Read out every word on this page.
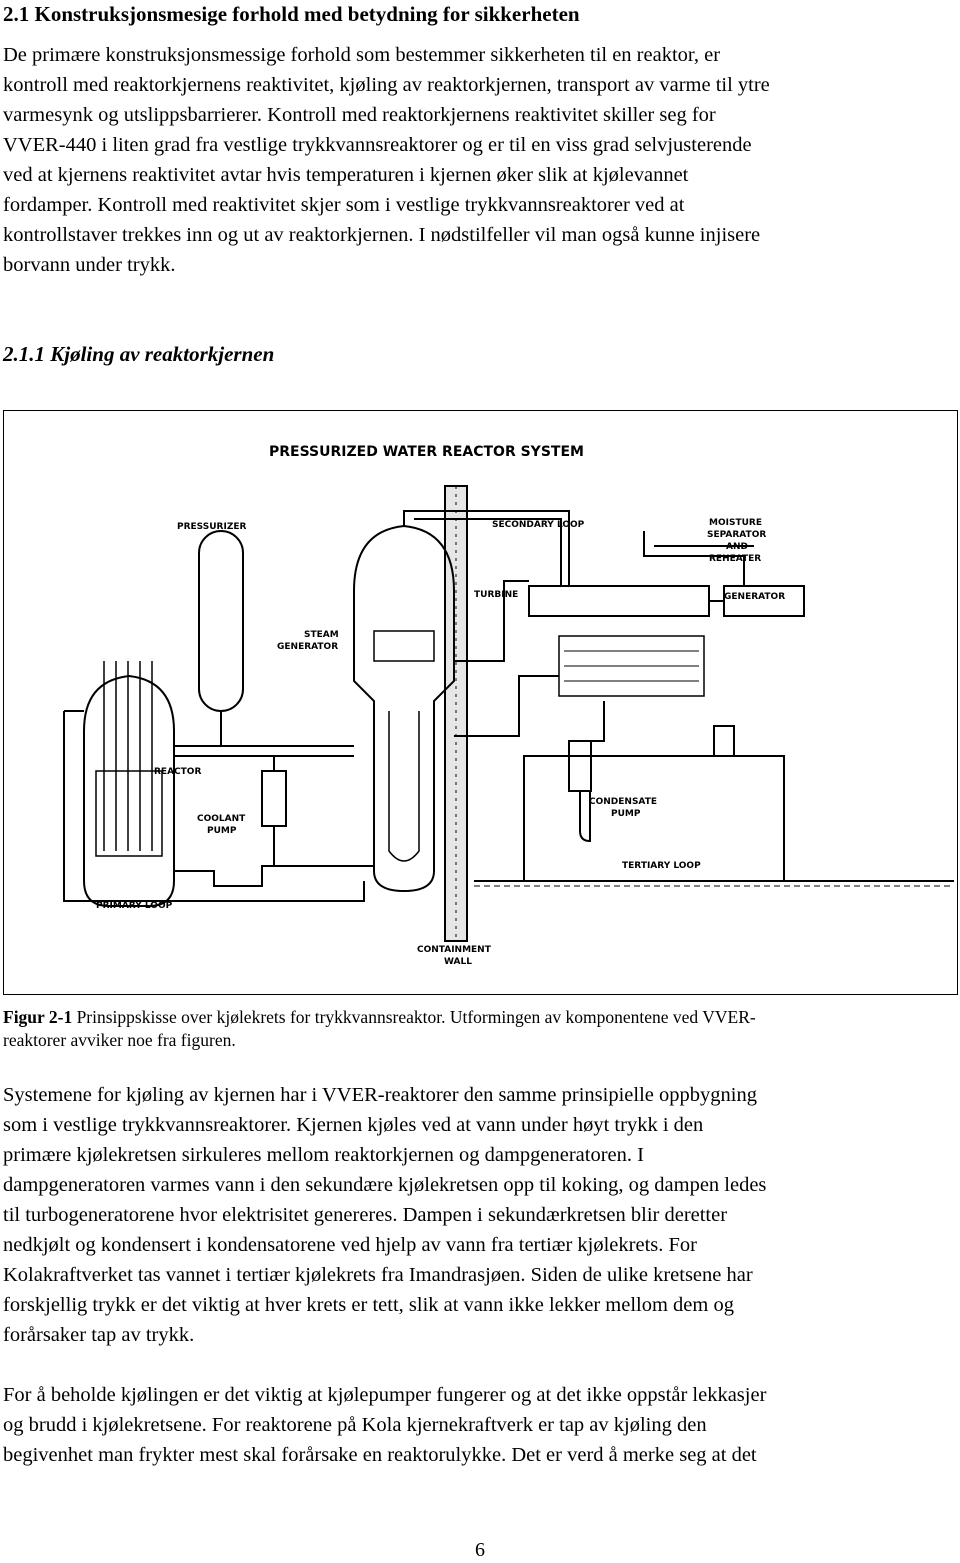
2.1 Konstruksjonsmesige forhold med betydning for sikkerheten

De primære konstruksjonsmessige forhold som bestemmer sikkerheten til en reaktor, er
kontroll med reaktorkjernens reaktivitet, kjøling av reaktorkjernen, transport av varme til ytre
varmesynk og utslippsbarrierer. Kontroll med reaktorkjernens reaktivitet skiller seg for
VVER-440 i liten grad fra vestlige trykkvannsreaktorer og er til en viss grad selvjusterende
ved at kjernens reaktivitet avtar hvis temperaturen i kjernen øker slik at kjølevannet
fordamper. Kontroll med reaktivitet skjer som i vestlige trykkvannsreaktorer ved at
kontrollstaver trekkes inn og ut av reaktorkjernen. I nødstilfeller vil man også kunne injisere
borvann under trykk.

2.1.1 Kjøling av reaktorkjernen
PRESSURIZED WATER REACTOR SYSTEM
PRESSURIZER	SECONDARY LOOP	MOISTURE
SEPARATOR
AND
REHEATER
TURBINE	GENERATOR
STEAM
GENERATOR
REACTOR
COOLANT
PUMP
CONDENSATE
PUMP
TERTIARY LOOP
PRIMARY LOOP
CONTAINMENT
WALL

Figur 2-1 Prinsippskisse over kjølekrets for trykkvannsreaktor. Utformingen av komponentene ved VVER-
reaktorer avviker noe fra figuren.

Systemene for kjøling av kjernen har i VVER-reaktorer den samme prinsipielle oppbygning
som i vestlige trykkvannsreaktorer. Kjernen kjøles ved at vann under høyt trykk i den
primære kjølekretsen sirkuleres mellom reaktorkjernen og dampgeneratoren. I
dampgeneratoren varmes vann i den sekundære kjølekretsen opp til koking, og dampen ledes
til turbogeneratorene hvor elektrisitet genereres. Dampen i sekundærkretsen blir deretter
nedkjølt og kondensert i kondensatorene ved hjelp av vann fra tertiær kjølekrets. For
Kolakraftverket tas vannet i tertiær kjølekrets fra Imandrasjøen. Siden de ulike kretsene har
forskjellig trykk er det viktig at hver krets er tett, slik at vann ikke lekker mellom dem og
forårsaker tap av trykk.

For å beholde kjølingen er det viktig at kjølepumper fungerer og at det ikke oppstår lekkasjer
og brudd i kjølekretsene. For reaktorene på Kola kjernekraftverk er tap av kjøling den
begivenhet man frykter mest skal forårsake en reaktorulykke. Det er verd å merke seg at det

6
